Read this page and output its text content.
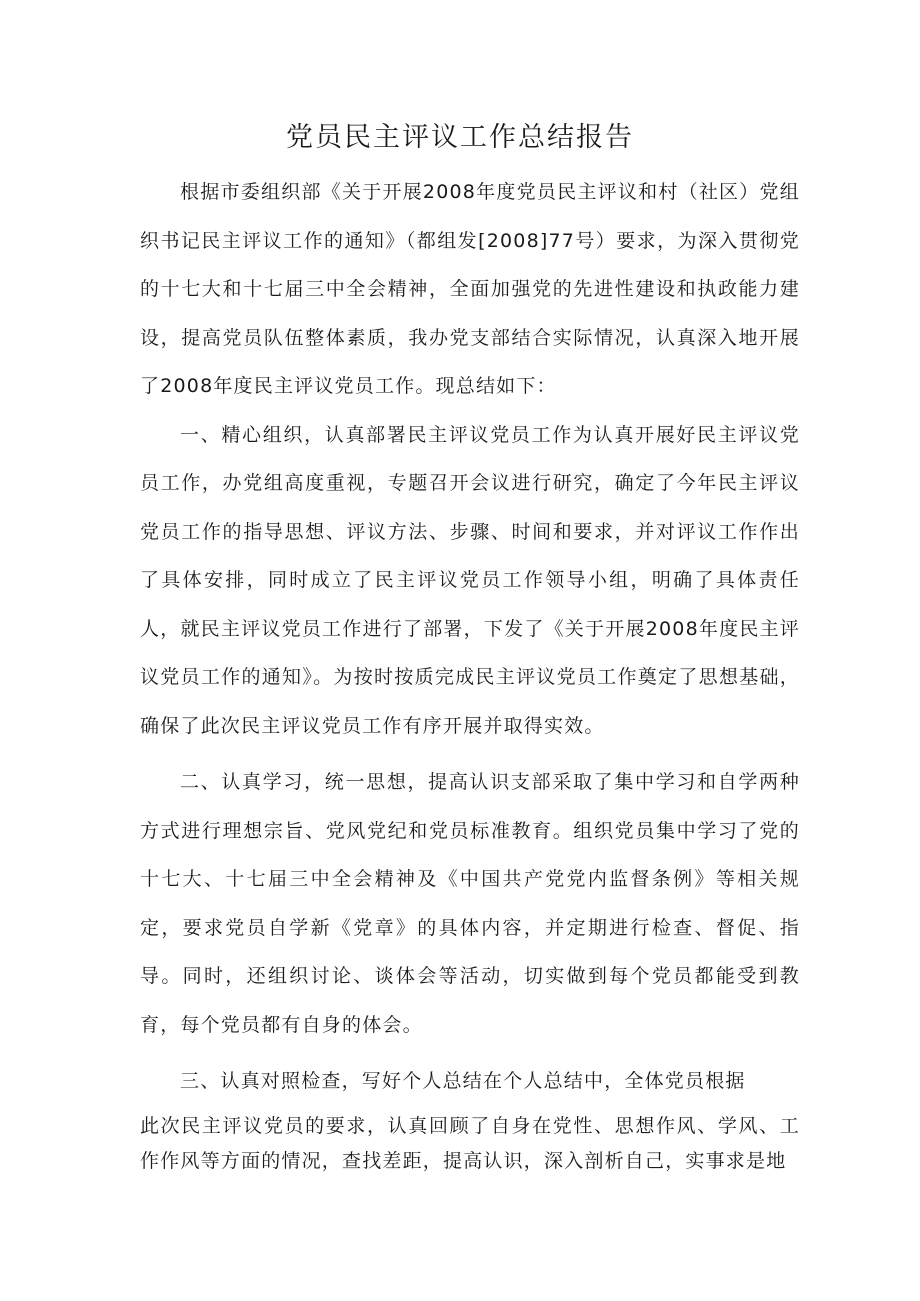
党员民主评议工作总结报告

根据市委组织部《关于开展2008年度党员民主评议和村（社区）党组织书记民主评议工作的通知》（都组发[2008]77号）要求，为深入贯彻党的十七大和十七届三中全会精神，全面加强党的先进性建设和执政能力建设，提高党员队伍整体素质，我办党支部结合实际情况，认真深入地开展了2008年度民主评议党员工作。现总结如下：

一、精心组织，认真部署民主评议党员工作为认真开展好民主评议党员工作，办党组高度重视，专题召开会议进行研究，确定了今年民主评议党员工作的指导思想、评议方法、步骤、时间和要求，并对评议工作作出了具体安排，同时成立了民主评议党员工作领导小组，明确了具体责任人，就民主评议党员工作进行了部署，下发了《关于开展2008年度民主评议党员工作的通知》。为按时按质完成民主评议党员工作奠定了思想基础，确保了此次民主评议党员工作有序开展并取得实效。

二、认真学习，统一思想，提高认识支部采取了集中学习和自学两种方式进行理想宗旨、党风党纪和党员标准教育。组织党员集中学习了党的十七大、十七届三中全会精神及《中国共产党党内监督条例》等相关规定，要求党员自学新《党章》的具体内容，并定期进行检查、督促、指导。同时，还组织讨论、谈体会等活动，切实做到每个党员都能受到教育，每个党员都有自身的体会。

三、认真对照检查，写好个人总结在个人总结中，全体党员根据

此次民主评议党员的要求，认真回顾了自身在党性、思想作风、学风、工作作风等方面的情况，查找差距，提高认识，深入剖析自己，实事求是地
